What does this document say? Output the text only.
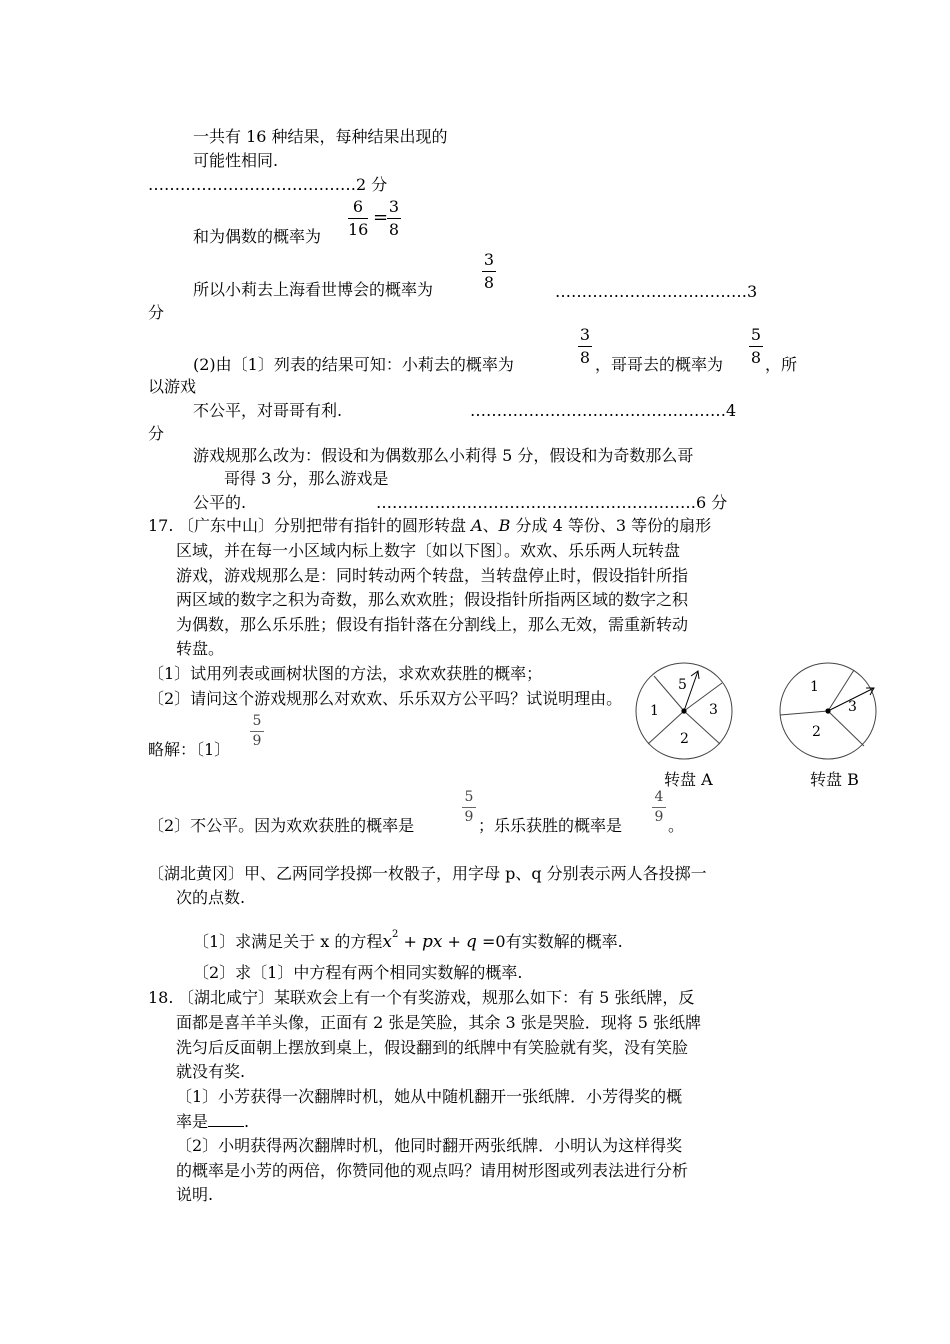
一共有 16 种结果，每种结果出现的
可能性相同.
…………………………………2 分
和为偶数的概率为
6
16
=
3
8
所以小莉去上海看世博会的概率为
3
8	………………………………3
分
(2)由〔1〕列表的结果可知：小莉去的概率为
3
8 ，哥哥去的概率为
5
8 ，所
以游戏
不公平，对哥哥有利.	…………………………………………4
分
游戏规那么改为：假设和为偶数那么小莉得 5 分，假设和为奇数那么哥
哥得 3 分，那么游戏是
公平的.	……………………………………………………6 分
17. 〔广东中山〕分别把带有指针的圆形转盘 A、B 分成 4 等份、3 等份的扇形
区域，并在每一小区域内标上数字〔如以下图〕。欢欢、乐乐两人玩转盘
游戏，游戏规那么是：同时转动两个转盘，当转盘停止时，假设指针所指
两区域的数字之积为奇数，那么欢欢胜；假设指针所指两区域的数字之积
为偶数，那么乐乐胜；假设有指针落在分割线上，那么无效，需重新转动
转盘。
〔1〕试用列表或画树状图的方法，求欢欢获胜的概率；
〔2〕请问这个游戏规那么对欢欢、乐乐双方公平吗？试说明理由。
略解：〔1〕
5
9
〔2〕不公平。因为欢欢获胜的概率是
5
9 ；乐乐获胜的概率是
4
9 。
5
1	3
2
转盘 A
1
3
2
转盘 B
〔湖北黄冈〕甲、乙两同学投掷一枚骰子，用字母 p、q 分别表示两人各投掷一
次的点数.
〔1〕求满足关于 x 的方程$x^2$ + px + q =0有实数解的概率.
〔2〕求〔1〕中方程有两个相同实数解的概率.
18. 〔湖北咸宁〕某联欢会上有一个有奖游戏，规那么如下：有 5 张纸牌，反
面都是喜羊羊头像，正面有 2 张是笑脸，其余 3 张是哭脸．现将 5 张纸牌
洗匀后反面朝上摆放到桌上，假设翻到的纸牌中有笑脸就有奖，没有笑脸
就没有奖.
〔1〕小芳获得一次翻牌时机，她从中随机翻开一张纸牌．小芳得奖的概
率是 .
〔2〕小明获得两次翻牌时机，他同时翻开两张纸牌．小明认为这样得奖
的概率是小芳的两倍，你赞同他的观点吗？请用树形图或列表法进行分析
说明.
